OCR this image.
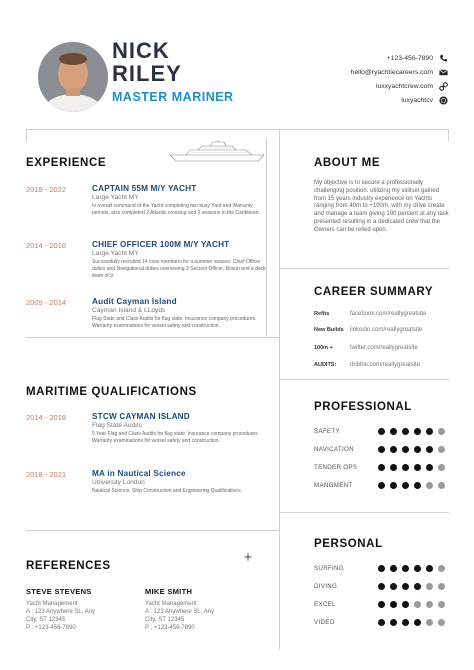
NICK
RILEY
MASTER MARINER
+123-456-7890
hello@ryachtiecareers.com
luxxyachtcrew.com
luxyachtcv
EXPERIENCE
2018 - 2022	CAPTAIN 55M M/Y YACHT
Large Yacht MY
In overall command of the Yacht completing two busy Yard and Warranty periods, also completed 2 Atlantic crossing and 2 seasons in the Caribbean.
2014 - 2018	CHIEF OFFICER 100M M/Y YACHT
Large Yacht MY
Successfully recruited 14 crew members for a summer season. Chief Officer duties and Navigational duties overseeing 2 Second Officer, Bosun and a deck team of 9.
2009 - 2014	Audit Cayman Island
Cayman Island & LLoyds
Flag State and Class Audits for flag state. Insurance company procedures. Warranty examinations for vessel safety and construction.
MARITIME QUALIFICATIONS
2014 - 2018	STCW CAYMAN ISLAND
Flag State Audits
5 Year Flag and Class Audits for flag state. Insurance company procedures. Warranty examinations for vessel safety and construction.
2018 - 2021	MA in Nautical Science
University London
Nautical Science, Ship Construction and Engineering Qualifications
REFERENCES
STEVE STEVENS
Yacht Management
A : 123 Anywhere St., Any
City, ST 12345
P : +123-456-7890
MIKE SMITH
Yacht Management
A : 123 Anywhere St., Any
City, ST 12345
P : +123-456-7890
ABOUT ME
My objective is to secure a professionally challenging position. utilizing my skillset gained from 15 years industry experience on Yachts ranging from 40m to +100m. with my drive create and manage a team giving 100 percent at any task presented resulting in a dedicated crew that the Owners can be relied upon.
CAREER SUMMARY
Refits	facebook.com/reallygreatsite
New Builds	linkedin.com/reallygreatsite
100m +	twitter.com/reallygreatsite
AUDITS:	dribble.com/reallygreatsite
PROFESSIONAL
SAFETY
NAVICATION
TENDER OPS
MANGMENT
PERSONAL
SURFING
DIVING
EXCEL
VIDEO
